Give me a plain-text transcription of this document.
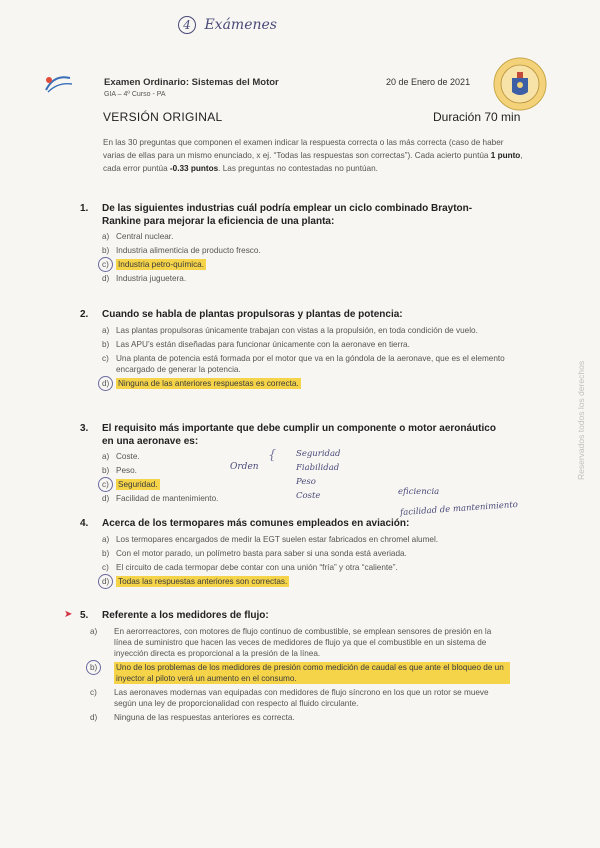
4 Exámenes
Examen Ordinario: Sistemas del Motor
GIA – 4º Curso - PA
20 de Enero de 2021
VERSIÓN ORIGINAL	Duración 70 min
En las 30 preguntas que componen el examen indicar la respuesta correcta o las más correcta (caso de haber varias de ellas para un mismo enunciado, x ej. “Todas las respuestas son correctas”). Cada acierto puntúa 1 punto, cada error puntúa -0.33 puntos. Las preguntas no contestadas no puntúan.
1.	De las siguientes industrias cuál podría emplear un ciclo combinado Brayton- Rankine para mejorar la eficiencia de una planta:
a) Central nuclear.
b) Industria alimenticia de producto fresco.
c)	Industria petro-química.
d) Industria juguetera.
2.	Cuando se habla de plantas propulsoras y plantas de potencia:
a) Las plantas propulsoras únicamente trabajan con vistas a la propulsión, en toda condición de vuelo.
b) Las APU’s están diseñadas para funcionar únicamente con la aeronave en tierra.
c) Una planta de potencia está formada por el motor que va en la góndola de la aeronave, que es el elemento encargado de generar la potencia.
d)	Ninguna de las anteriores respuestas es correcta.
3.	El requisito más importante que debe cumplir un componente o motor aeronáutico en una aeronave es:
a) Coste.
b) Peso.
c)	Seguridad.
d) Facilidad de mantenimiento.
Orden
{ Seguridad
Fiabilidad
Peso
Coste	eficiencia
facilidad de mantenimiento
4.	Acerca de los termopares más comunes empleados en aviación:
a) Los termopares encargados de medir la EGT suelen estar fabricados en chromel alumel.
b) Con el motor parado, un polímetro basta para saber si una sonda está averiada.
c) El circuito de cada termopar debe contar con una unión “fría” y otra “caliente”.
d)	Todas las respuestas anteriores son correctas.
➤ 5.	Referente a los medidores de flujo:
a)	En aerorreactores, con motores de flujo continuo de combustible, se emplean sensores de presión en la línea de suministro que hacen las veces de medidores de flujo ya que el combustible en un sistema de inyección directa es proporcional a la presión de la línea.
b)	Uno de los problemas de los medidores de presión como medición de caudal es que ante el bloqueo de un inyector al piloto verá un aumento en el consumo.
c)	Las aeronaves modernas van equipadas con medidores de flujo síncrono en los que un rotor se mueve según una ley de proporcionalidad con respecto al fluido circulante.
d)	Ninguna de las respuestas anteriores es correcta.
Reservados todos los derechos
